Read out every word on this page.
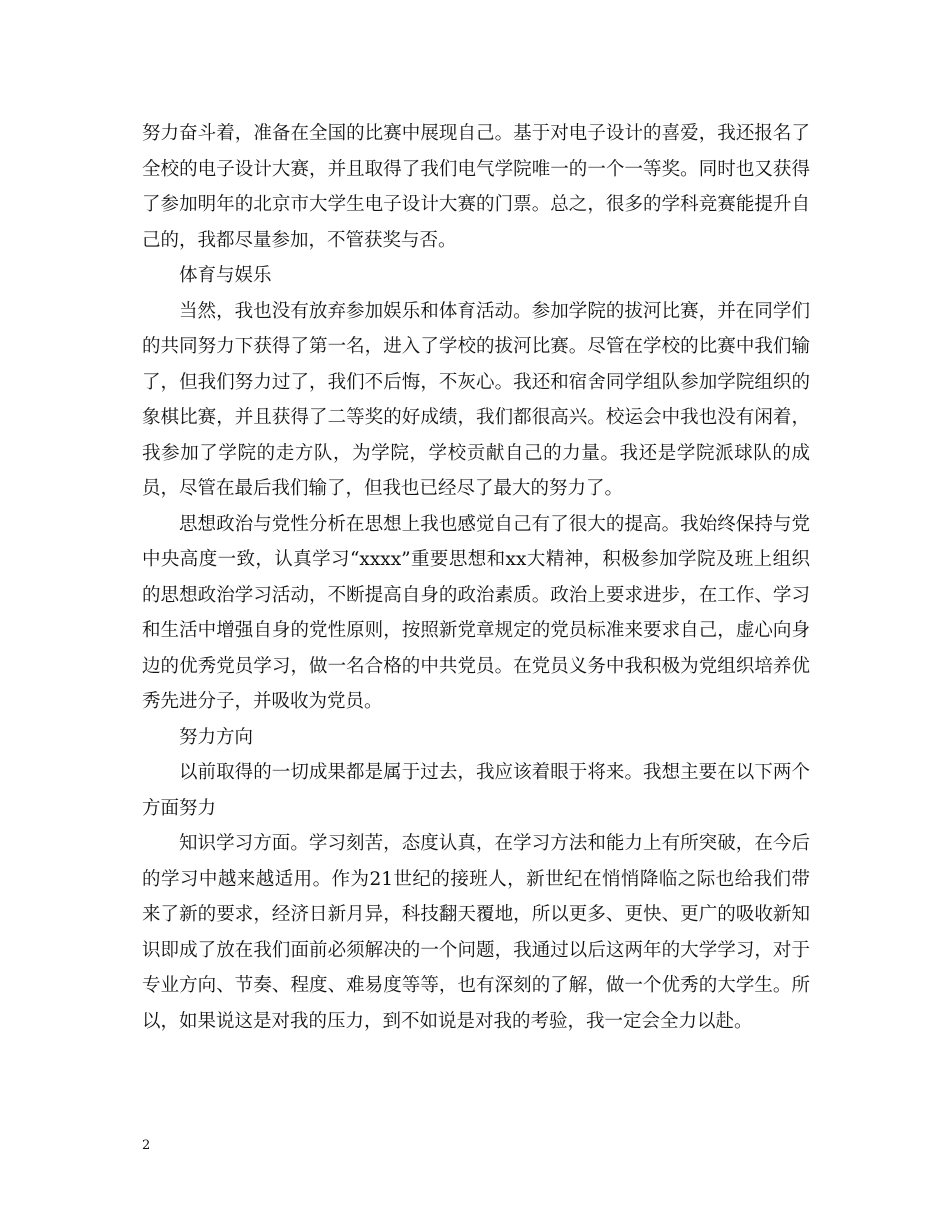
努力奋斗着，准备在全国的比赛中展现自己。基于对电子设计的喜爱，我还报名了全校的电子设计大赛，并且取得了我们电气学院唯一的一个一等奖。同时也又获得了参加明年的北京市大学生电子设计大赛的门票。总之，很多的学科竞赛能提升自己的，我都尽量参加，不管获奖与否。

体育与娱乐

当然，我也没有放弃参加娱乐和体育活动。参加学院的拔河比赛，并在同学们的共同努力下获得了第一名，进入了学校的拔河比赛。尽管在学校的比赛中我们输了，但我们努力过了，我们不后悔，不灰心。我还和宿舍同学组队参加学院组织的象棋比赛，并且获得了二等奖的好成绩，我们都很高兴。校运会中我也没有闲着，我参加了学院的走方队，为学院，学校贡献自己的力量。我还是学院派球队的成员，尽管在最后我们输了，但我也已经尽了最大的努力了。

思想政治与党性分析在思想上我也感觉自己有了很大的提高。我始终保持与党中央高度一致，认真学习“xxxx”重要思想和xx大精神，积极参加学院及班上组织的思想政治学习活动，不断提高自身的政治素质。政治上要求进步，在工作、学习和生活中增强自身的党性原则，按照新党章规定的党员标准来要求自己，虚心向身边的优秀党员学习，做一名合格的中共党员。在党员义务中我积极为党组织培养优秀先进分子，并吸收为党员。

努力方向

以前取得的一切成果都是属于过去，我应该着眼于将来。我想主要在以下两个方面努力

知识学习方面。学习刻苦，态度认真，在学习方法和能力上有所突破，在今后的学习中越来越适用。作为21世纪的接班人，新世纪在悄悄降临之际也给我们带来了新的要求，经济日新月异，科技翻天覆地，所以更多、更快、更广的吸收新知识即成了放在我们面前必须解决的一个问题，我通过以后这两年的大学学习，对于专业方向、节奏、程度、难易度等等，也有深刻的了解，做一个优秀的大学生。所以，如果说这是对我的压力，到不如说是对我的考验，我一定会全力以赴。

2
